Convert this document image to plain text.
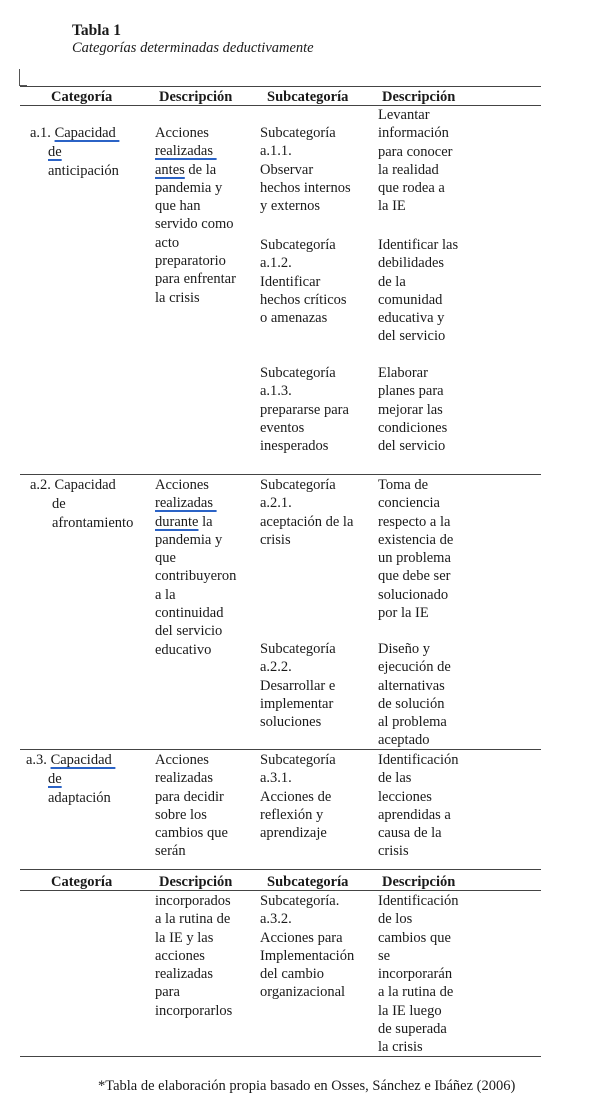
Tabla 1
Categorías determinadas deductivamente
Categoría	Descripción Subcategoría Descripción
a.1. Capacidad
de
anticipación
Acciones
realizadas
antes de la
pandemia y
que han
servido como
acto
preparatorio
para enfrentar
la crisis
Subcategoría
a.1.1.
Observar
hechos internos
y externos
Levantar
información
para conocer
la realidad
que rodea a
la IE
Subcategoría
a.1.2.
Identificar
hechos críticos
o amenazas
Identificar las
debilidades
de la
comunidad
educativa y
del servicio
Subcategoría
a.1.3.
prepararse para
eventos
inesperados
Elaborar
planes para
mejorar las
condiciones
del servicio
a.2. Capacidad
de
afrontamiento
Acciones
realizadas
durante la
pandemia y
que
contribuyeron
a la
continuidad
del servicio
educativo
Subcategoría
a.2.1.
aceptación de la
crisis
Toma de
conciencia
respecto a la
existencia de
un problema
que debe ser
solucionado
por la IE
Subcategoría
a.2.2.
Desarrollar e
implementar
soluciones
Diseño y
ejecución de
alternativas
de solución
al problema
aceptado
a.3. Capacidad
de
adaptación
Acciones
realizadas
para decidir
sobre los
cambios que
serán
Subcategoría
a.3.1.
Acciones de
reflexión y
aprendizaje
Identificación
de las
lecciones
aprendidas a
causa de la
crisis
Categoría	Descripción Subcategoría Descripción
incorporados
a la rutina de
la IE y las
acciones
realizadas
para
incorporarlos
Subcategoría.
a.3.2.
Acciones para
Implementación
del cambio
organizacional
Identificación
de los
cambios que
se
incorporarán
a la rutina de
la IE luego
de superada
la crisis
*Tabla de elaboración propia basado en Osses, Sánchez e Ibáñez (2006)
